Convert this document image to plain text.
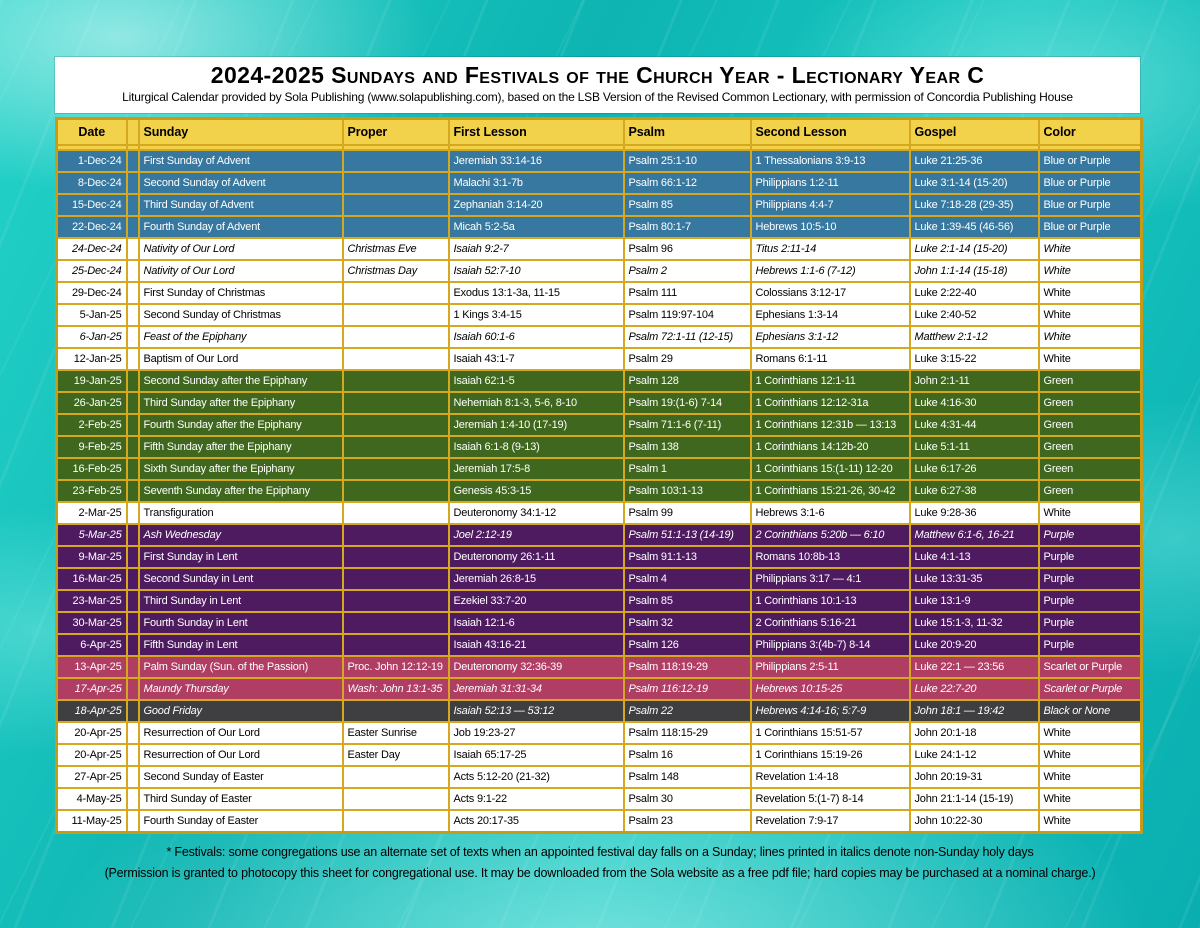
2024-2025 Sundays and Festivals of the Church Year - Lectionary Year C
Liturgical Calendar provided by Sola Publishing (www.solapublishing.com), based on the LSB Version of the Revised Common Lectionary, with permission of Concordia Publishing House
Date		Sunday	Proper	First Lesson	Psalm	Second Lesson	Gospel	Color

1-Dec-24		First Sunday of Advent		Jeremiah 33:14-16	Psalm 25:1-10	1 Thessalonians 3:9-13	Luke 21:25-36	Blue or Purple
8-Dec-24		Second Sunday of Advent		Malachi 3:1-7b	Psalm 66:1-12	Philippians 1:2-11	Luke 3:1-14 (15-20)	Blue or Purple
15-Dec-24		Third Sunday of Advent		Zephaniah 3:14-20	Psalm 85	Philippians 4:4-7	Luke 7:18-28 (29-35)	Blue or Purple
22-Dec-24		Fourth Sunday of Advent		Micah 5:2-5a	Psalm 80:1-7	Hebrews 10:5-10	Luke 1:39-45 (46-56)	Blue or Purple
24-Dec-24		Nativity of Our Lord	Christmas Eve	Isaiah 9:2-7	Psalm 96	Titus 2:11-14	Luke 2:1-14 (15-20)	White
25-Dec-24		Nativity of Our Lord	Christmas Day	Isaiah 52:7-10	Psalm 2	Hebrews 1:1-6 (7-12)	John 1:1-14 (15-18)	White
29-Dec-24		First Sunday of Christmas		Exodus 13:1-3a, 11-15	Psalm 111	Colossians 3:12-17	Luke 2:22-40	White
5-Jan-25		Second Sunday of Christmas		1 Kings 3:4-15	Psalm 119:97-104	Ephesians 1:3-14	Luke 2:40-52	White
6-Jan-25		Feast of the Epiphany		Isaiah 60:1-6	Psalm 72:1-11 (12-15)	Ephesians 3:1-12	Matthew 2:1-12	White
12-Jan-25		Baptism of Our Lord		Isaiah 43:1-7	Psalm 29	Romans 6:1-11	Luke 3:15-22	White
19-Jan-25		Second Sunday after the Epiphany		Isaiah 62:1-5	Psalm 128	1 Corinthians 12:1-11	John 2:1-11	Green
26-Jan-25		Third Sunday after the Epiphany		Nehemiah 8:1-3, 5-6, 8-10	Psalm 19:(1-6) 7-14	1 Corinthians 12:12-31a	Luke 4:16-30	Green
2-Feb-25		Fourth Sunday after the Epiphany		Jeremiah 1:4-10 (17-19)	Psalm 71:1-6 (7-11)	1 Corinthians 12:31b — 13:13	Luke 4:31-44	Green
9-Feb-25		Fifth Sunday after the Epiphany		Isaiah 6:1-8 (9-13)	Psalm 138	1 Corinthians 14:12b-20	Luke 5:1-11	Green
16-Feb-25		Sixth Sunday after the Epiphany		Jeremiah 17:5-8	Psalm 1	1 Corinthians 15:(1-11) 12-20	Luke 6:17-26	Green
23-Feb-25		Seventh Sunday after the Epiphany		Genesis 45:3-15	Psalm 103:1-13	1 Corinthians 15:21-26, 30-42	Luke 6:27-38	Green
2-Mar-25		Transfiguration		Deuteronomy 34:1-12	Psalm 99	Hebrews 3:1-6	Luke 9:28-36	White
5-Mar-25		Ash Wednesday		Joel 2:12-19	Psalm 51:1-13 (14-19)	2 Corinthians 5:20b — 6:10	Matthew 6:1-6, 16-21	Purple
9-Mar-25		First Sunday in Lent		Deuteronomy 26:1-11	Psalm 91:1-13	Romans 10:8b-13	Luke 4:1-13	Purple
16-Mar-25		Second Sunday in Lent		Jeremiah 26:8-15	Psalm 4	Philippians 3:17 — 4:1	Luke 13:31-35	Purple
23-Mar-25		Third Sunday in Lent		Ezekiel 33:7-20	Psalm 85	1 Corinthians 10:1-13	Luke 13:1-9	Purple
30-Mar-25		Fourth Sunday in Lent		Isaiah 12:1-6	Psalm 32	2 Corinthians 5:16-21	Luke 15:1-3, 11-32	Purple
6-Apr-25		Fifth Sunday in Lent		Isaiah 43:16-21	Psalm 126	Philippians 3:(4b-7) 8-14	Luke 20:9-20	Purple
13-Apr-25		Palm Sunday (Sun. of the Passion)	Proc. John 12:12-19	Deuteronomy 32:36-39	Psalm 118:19-29	Philippians 2:5-11	Luke 22:1 — 23:56	Scarlet or Purple
17-Apr-25		Maundy Thursday	Wash: John 13:1-35	Jeremiah 31:31-34	Psalm 116:12-19	Hebrews 10:15-25	Luke 22:7-20	Scarlet or Purple
18-Apr-25		Good Friday		Isaiah 52:13 — 53:12	Psalm 22	Hebrews 4:14-16; 5:7-9	John 18:1 — 19:42	Black or None
20-Apr-25		Resurrection of Our Lord	Easter Sunrise	Job 19:23-27	Psalm 118:15-29	1 Corinthians 15:51-57	John 20:1-18	White
20-Apr-25		Resurrection of Our Lord	Easter Day	Isaiah 65:17-25	Psalm 16	1 Corinthians 15:19-26	Luke 24:1-12	White
27-Apr-25		Second Sunday of Easter		Acts 5:12-20 (21-32)	Psalm 148	Revelation 1:4-18	John 20:19-31	White
4-May-25		Third Sunday of Easter		Acts 9:1-22	Psalm 30	Revelation 5:(1-7) 8-14	John 21:1-14 (15-19)	White
11-May-25		Fourth Sunday of Easter		Acts 20:17-35	Psalm 23	Revelation 7:9-17	John 10:22-30	White
* Festivals: some congregations use an alternate set of texts when an appointed festival day falls on a Sunday; lines printed in italics denote non-Sunday holy days
(Permission is granted to photocopy this sheet for congregational use. It may be downloaded from the Sola website as a free pdf file; hard copies may be purchased at a nominal charge.)
